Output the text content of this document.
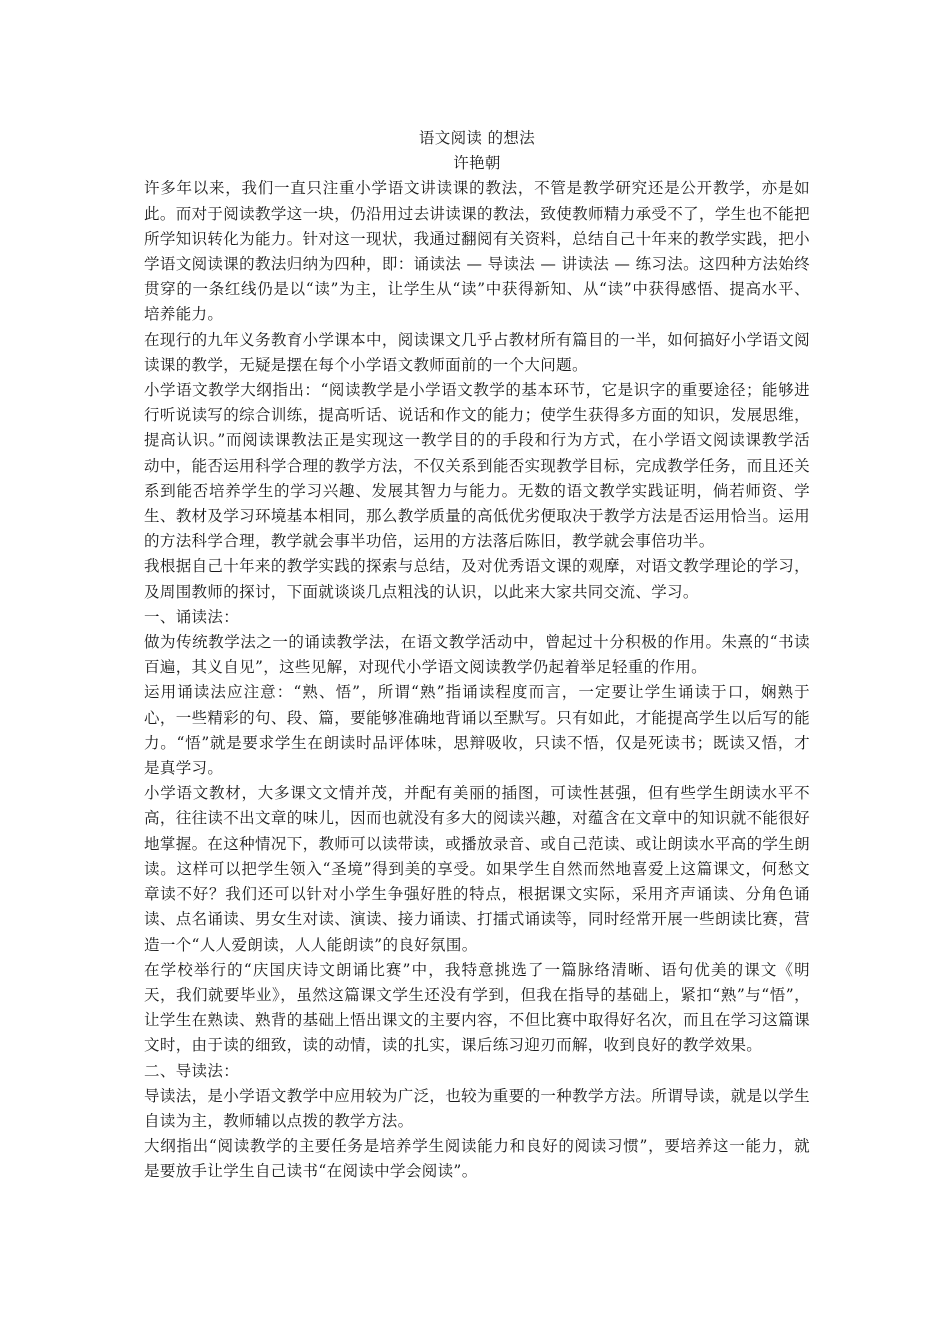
语文阅读 的想法

许艳朝

许多年以来，我们一直只注重小学语文讲读课的教法，不管是教学研究还是公开教学，亦是如此。而对于阅读教学这一块，仍沿用过去讲读课的教法，致使教师精力承受不了，学生也不能把所学知识转化为能力。针对这一现状，我通过翻阅有关资料，总结自己十年来的教学实践，把小学语文阅读课的教法归纳为四种，即：诵读法 — 导读法 — 讲读法 — 练习法。这四种方法始终贯穿的一条红线仍是以“读”为主，让学生从“读”中获得新知、从“读”中获得感悟、提高水平、培养能力。

在现行的九年义务教育小学课本中，阅读课文几乎占教材所有篇目的一半，如何搞好小学语文阅读课的教学，无疑是摆在每个小学语文教师面前的一个大问题。

小学语文教学大纲指出：“阅读教学是小学语文教学的基本环节，它是识字的重要途径；能够进行听说读写的综合训练，提高听话、说话和作文的能力；使学生获得多方面的知识，发展思维，提高认识。”而阅读课教法正是实现这一教学目的的手段和行为方式，在小学语文阅读课教学活动中，能否运用科学合理的教学方法，不仅关系到能否实现教学目标，完成教学任务，而且还关系到能否培养学生的学习兴趣、发展其智力与能力。无数的语文教学实践证明，倘若师资、学生、教材及学习环境基本相同，那么教学质量的高低优劣便取决于教学方法是否运用恰当。运用的方法科学合理，教学就会事半功倍，运用的方法落后陈旧，教学就会事倍功半。

我根据自己十年来的教学实践的探索与总结，及对优秀语文课的观摩，对语文教学理论的学习，及周围教师的探讨，下面就谈谈几点粗浅的认识，以此来大家共同交流、学习。

一、诵读法：

做为传统教学法之一的诵读教学法，在语文教学活动中，曾起过十分积极的作用。朱熹的“书读百遍，其义自见”，这些见解，对现代小学语文阅读教学仍起着举足轻重的作用。

运用诵读法应注意：“熟、悟”，所谓“熟”指诵读程度而言，一定要让学生诵读于口，娴熟于心，一些精彩的句、段、篇，要能够准确地背诵以至默写。只有如此，才能提高学生以后写的能力。“悟”就是要求学生在朗读时品评体味，思辩吸收，只读不悟，仅是死读书；既读又悟，才是真学习。

小学语文教材，大多课文文情并茂，并配有美丽的插图，可读性甚强，但有些学生朗读水平不高，往往读不出文章的味儿，因而也就没有多大的阅读兴趣，对蕴含在文章中的知识就不能很好地掌握。在这种情况下，教师可以读带读，或播放录音、或自己范读、或让朗读水平高的学生朗读。这样可以把学生领入“圣境”得到美的享受。如果学生自然而然地喜爱上这篇课文，何愁文章读不好？我们还可以针对小学生争强好胜的特点，根据课文实际，采用齐声诵读、分角色诵读、点名诵读、男女生对读、演读、接力诵读、打擂式诵读等，同时经常开展一些朗读比赛，营造一个“人人爱朗读，人人能朗读”的良好氛围。

在学校举行的“庆国庆诗文朗诵比赛”中，我特意挑选了一篇脉络清晰、语句优美的课文《明天，我们就要毕业》，虽然这篇课文学生还没有学到，但我在指导的基础上，紧扣“熟”与“悟”，让学生在熟读、熟背的基础上悟出课文的主要内容，不但比赛中取得好名次，而且在学习这篇课文时，由于读的细致，读的动情，读的扎实，课后练习迎刃而解，收到良好的教学效果。

二、导读法：

导读法，是小学语文教学中应用较为广泛，也较为重要的一种教学方法。所谓导读，就是以学生自读为主，教师辅以点拨的教学方法。

大纲指出“阅读教学的主要任务是培养学生阅读能力和良好的阅读习惯”，要培养这一能力，就是要放手让学生自己读书“在阅读中学会阅读”。
